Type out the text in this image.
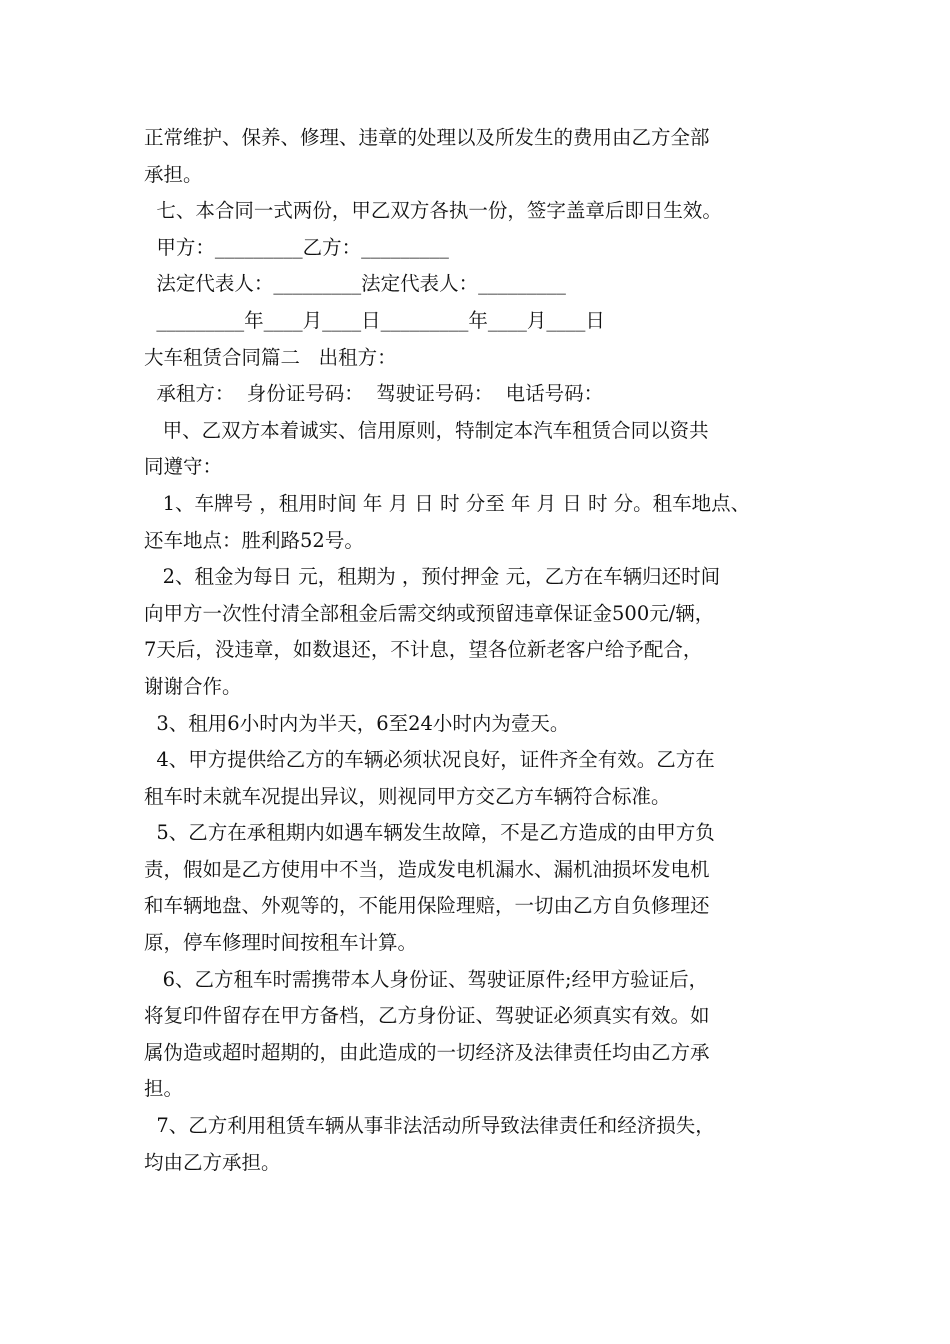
正常维护、保养、修理、违章的处理以及所发生的费用由乙方全部
承担。
七、本合同一式两份，甲乙双方各执一份，签字盖章后即日生效。
甲方：_________乙方：_________
法定代表人：_________法定代表人：_________
_________年____月____日_________年____月____日
大车租赁合同篇二   出租方：
承租方：  身份证号码：  驾驶证号码：  电话号码：
甲、乙双方本着诚实、信用原则，特制定本汽车租赁合同以资共
同遵守：
1、车牌号 ，租用时间 年 月 日 时 分至 年 月 日 时 分。租车地点、
还车地点：胜利路52号。
2、租金为每日 元，租期为 ，预付押金 元，乙方在车辆归还时间
向甲方一次性付清全部租金后需交纳或预留违章保证金500元/辆，
7天后，没违章，如数退还，不计息，望各位新老客户给予配合，
谢谢合作。
3、租用6小时内为半天，6至24小时内为壹天。
4、甲方提供给乙方的车辆必须状况良好，证件齐全有效。乙方在
租车时未就车况提出异议，则视同甲方交乙方车辆符合标准。
5、乙方在承租期内如遇车辆发生故障，不是乙方造成的由甲方负
责，假如是乙方使用中不当，造成发电机漏水、漏机油损坏发电机
和车辆地盘、外观等的，不能用保险理赔，一切由乙方自负修理还
原，停车修理时间按租车计算。
6、乙方租车时需携带本人身份证、驾驶证原件;经甲方验证后，
将复印件留存在甲方备档，乙方身份证、驾驶证必须真实有效。如
属伪造或超时超期的，由此造成的一切经济及法律责任均由乙方承
担。
7、乙方利用租赁车辆从事非法活动所导致法律责任和经济损失，
均由乙方承担。
